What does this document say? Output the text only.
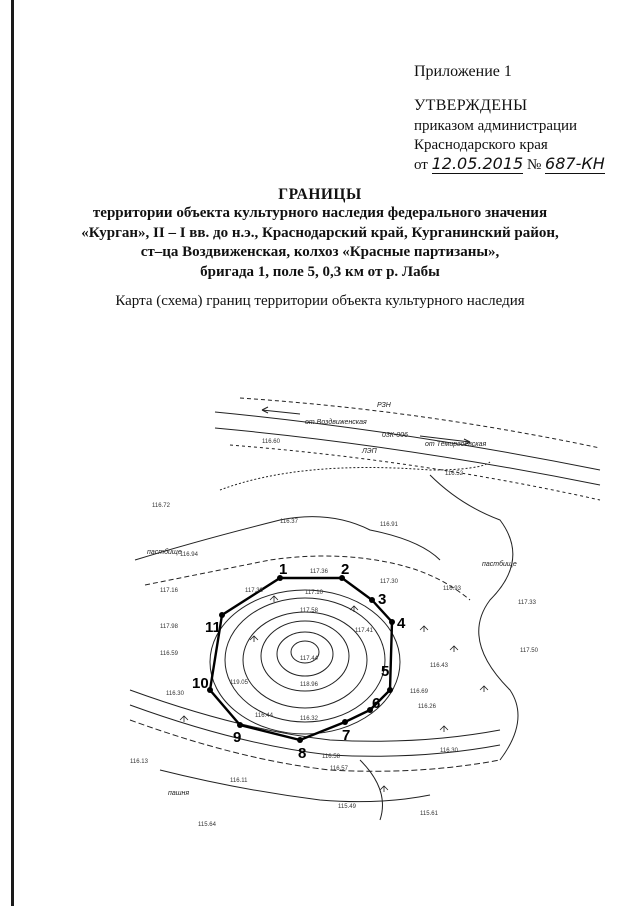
Приложение 1
УТВЕРЖДЕНЫ
приказом администрации
Краснодарского края
от 12.05.2015 № 687-КН
ГРАНИЦЫ
территории объекта культурного наследия федерального значения
«Курган», II – I вв. до н.э., Краснодарский край, Курганинский район,
ст–ца Воздвиженская, колхоз «Красные партизаны»,
бригада 1, поле 5, 0,3 км от р. Лабы
Карта (схема) границ территории объекта культурного наследия
1	2
3
4
5
6
7
8
9
10
11
от Воздвиженская
03К-006
от Темиргоевская
РЗН
ЛЭП
пастбище
пастбище
пашня
116.60
116.52
116.72
116.37	116.91
116.94
117.36
117.30
116.93
117.33
117.16	117.38	117.10
117.58
117.41
117.98
116.59
117.44
117.50
116.43
116.30
119.05	118.96
116.69
116.26
116.44
116.58
116.13
116.11
115.64
115.49
115.61
116.57
116.30
116.32
